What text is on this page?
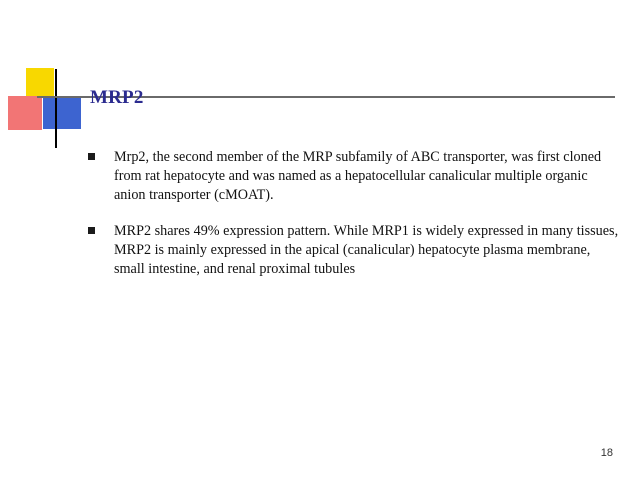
MRP2
Mrp2, the second member of the MRP subfamily of ABC transporter, was first cloned from rat hepatocyte and was named as a hepatocellular canalicular multiple organic anion transporter (cMOAT).
MRP2 shares 49% expression pattern. While MRP1 is widely expressed in many tissues, MRP2 is mainly expressed in the apical (canalicular) hepatocyte plasma membrane, small intestine, and renal proximal tubules
18
